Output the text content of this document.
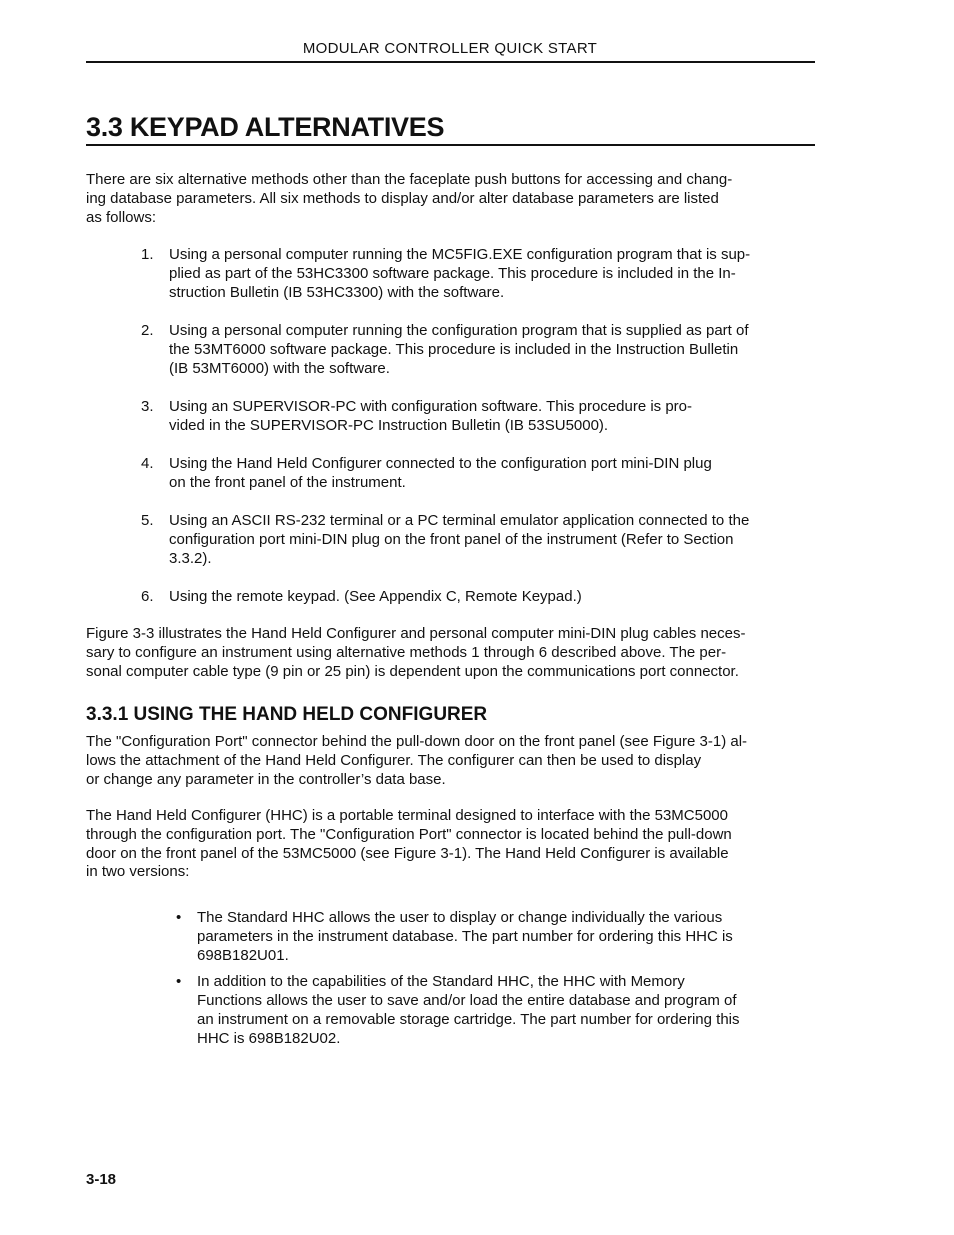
MODULAR CONTROLLER QUICK START
3.3 KEYPAD ALTERNATIVES
There are six alternative methods other than the faceplate push buttons for accessing and chang-
ing database parameters. All six methods to display and/or alter database parameters are listed
as follows:
1. Using a personal computer running the MC5FIG.EXE configuration program that is sup-
plied as part of the 53HC3300 software package. This procedure is included in the In-
struction Bulletin (IB 53HC3300) with the software.
2. Using a personal computer running the configuration program that is supplied as part of
the 53MT6000 software package. This procedure is included in the Instruction Bulletin
(IB 53MT6000) with the software.
3. Using an SUPERVISOR-PC with configuration software. This procedure is pro-
vided in the SUPERVISOR-PC Instruction Bulletin (IB 53SU5000).
4. Using the Hand Held Configurer connected to the configuration port mini-DIN plug
on the front panel of the instrument.
5. Using an ASCII RS-232 terminal or a PC terminal emulator application connected to the
configuration port mini-DIN plug on the front panel of the instrument (Refer to Section
3.3.2).
6. Using the remote keypad. (See Appendix C, Remote Keypad.)
Figure 3-3 illustrates the Hand Held Configurer and personal computer mini-DIN plug cables neces-
sary to configure an instrument using alternative methods 1 through 6 described above. The per-
sonal computer cable type (9 pin or 25 pin) is dependent upon the communications port connector.
3.3.1 USING THE HAND HELD CONFIGURER
The "Configuration Port" connector behind the pull-down door on the front panel (see Figure 3-1) al-
lows the attachment of the Hand Held Configurer. The configurer can then be used to display
or change any parameter in the controller’s data base.
The Hand Held Configurer (HHC) is a portable terminal designed to interface with the 53MC5000
through the configuration port. The "Configuration Port" connector is located behind the pull-down
door on the front panel of the 53MC5000 (see Figure 3-1). The Hand Held Configurer is available
in two versions:
• The Standard HHC allows the user to display or change individually the various
parameters in the instrument database. The part number for ordering this HHC is
698B182U01.
• In addition to the capabilities of the Standard HHC, the HHC with Memory
Functions allows the user to save and/or load the entire database and program of
an instrument on a removable storage cartridge. The part number for ordering this
HHC is 698B182U02.
3-18
